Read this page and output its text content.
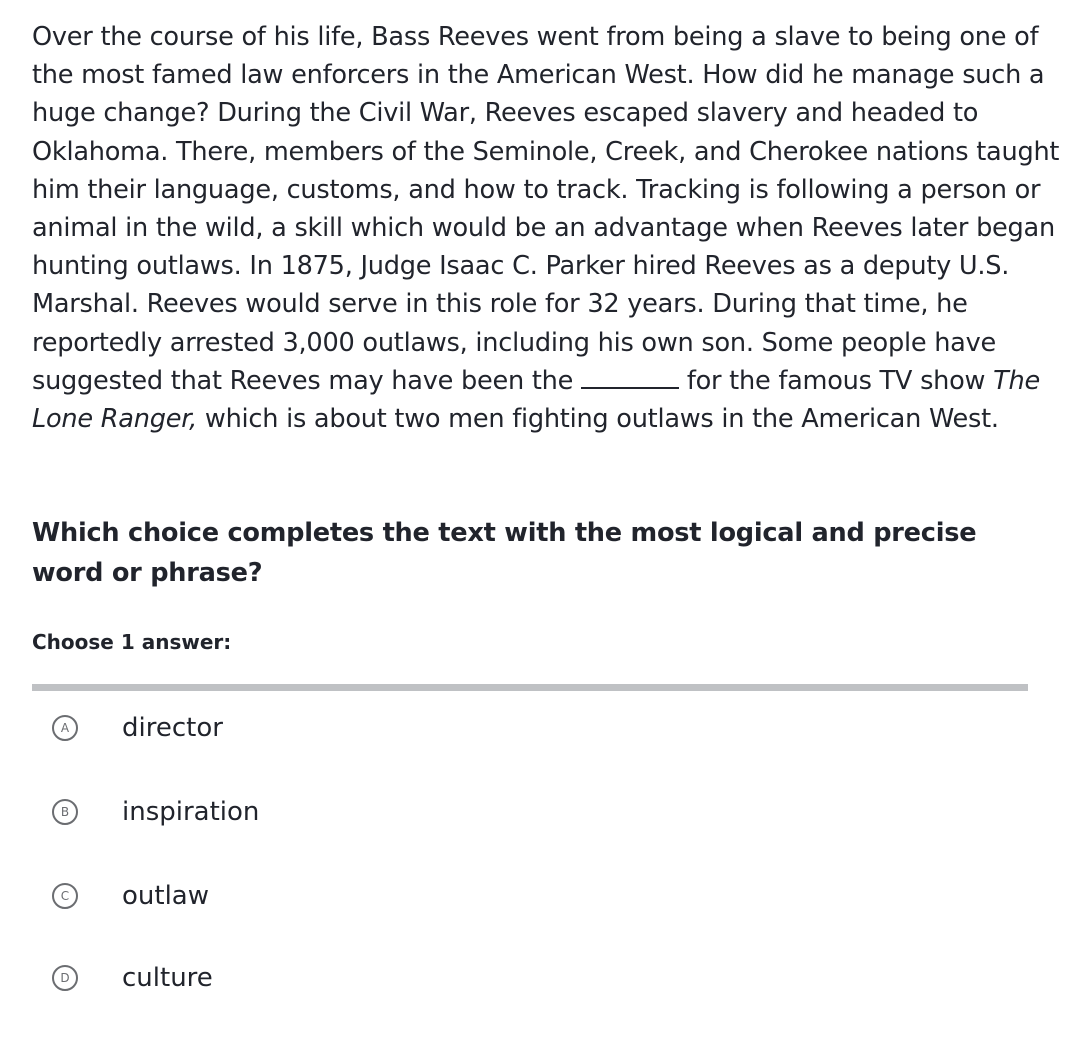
Over the course of his life, Bass Reeves went from being a slave to being one of the most famed law enforcers in the American West. How did he manage such a huge change? During the Civil War, Reeves escaped slavery and headed to Oklahoma. There, members of the Seminole, Creek, and Cherokee nations taught him their language, customs, and how to track. Tracking is following a person or animal in the wild, a skill which would be an advantage when Reeves later began hunting outlaws. In 1875, Judge Isaac C. Parker hired Reeves as a deputy U.S. Marshal. Reeves would serve in this role for 32 years. During that time, he reportedly arrested 3,000 outlaws, including his own son. Some people have suggested that Reeves may have been the	for the famous TV show The Lone Ranger, which is about two men fighting outlaws in the American West.

Which choice completes the text with the most logical and precise word or phrase?

Choose 1 answer:

A	director
B	inspiration
C	outlaw
D	culture
